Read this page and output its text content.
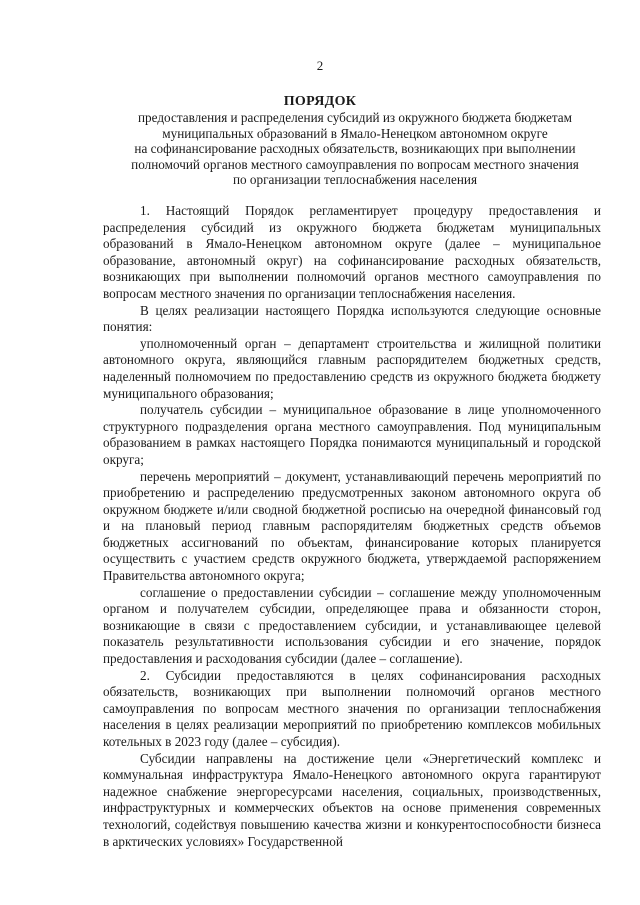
2
ПОРЯДОК
предоставления и распределения субсидий из окружного бюджета бюджетам
муниципальных образований в Ямало-Ненецком автономном округе
на софинансирование расходных обязательств, возникающих при выполнении
полномочий органов местного самоуправления по вопросам местного значения
по организации теплоснабжения населения

1. Настоящий Порядок регламентирует процедуру предоставления и распределения субсидий из окружного бюджета бюджетам муниципальных образований в Ямало-Ненецком автономном округе (далее – муниципальное образование, автономный округ) на софинансирование расходных обязательств, возникающих при выполнении полномочий органов местного самоуправления по вопросам местного значения по организации теплоснабжения населения.

В целях реализации настоящего Порядка используются следующие основные понятия:

уполномоченный орган – департамент строительства и жилищной политики автономного округа, являющийся главным распорядителем бюджетных средств, наделенный полномочием по предоставлению средств из окружного бюджета бюджету муниципального образования;

получатель субсидии – муниципальное образование в лице уполномоченного структурного подразделения органа местного самоуправления. Под муниципальным образованием в рамках настоящего Порядка понимаются муниципальный и городской округа;

перечень мероприятий – документ, устанавливающий перечень мероприятий по приобретению и распределению предусмотренных законом автономного округа об окружном бюджете и/или сводной бюджетной росписью на очередной финансовый год и на плановый период главным распорядителям бюджетных средств объемов бюджетных ассигнований по объектам, финансирование которых планируется осуществить с участием средств окружного бюджета, утверждаемой распоряжением Правительства автономного округа;

соглашение о предоставлении субсидии – соглашение между уполномоченным органом и получателем субсидии, определяющее права и обязанности сторон, возникающие в связи с предоставлением субсидии, и устанавливающее целевой показатель результативности использования субсидии и его значение, порядок предоставления и расходования субсидии (далее – соглашение).

2. Субсидии предоставляются в целях софинансирования расходных обязательств, возникающих при выполнении полномочий органов местного самоуправления по вопросам местного значения по организации теплоснабжения населения в целях реализации мероприятий по приобретению комплексов мобильных котельных в 2023 году (далее – субсидия).

Субсидии направлены на достижение цели «Энергетический комплекс и коммунальная инфраструктура Ямало-Ненецкого автономного округа гарантируют надежное снабжение энергоресурсами населения, социальных, производственных, инфраструктурных и коммерческих объектов на основе применения современных технологий, содействуя повышению качества жизни и конкурентоспособности бизнеса в арктических условиях» Государственной
